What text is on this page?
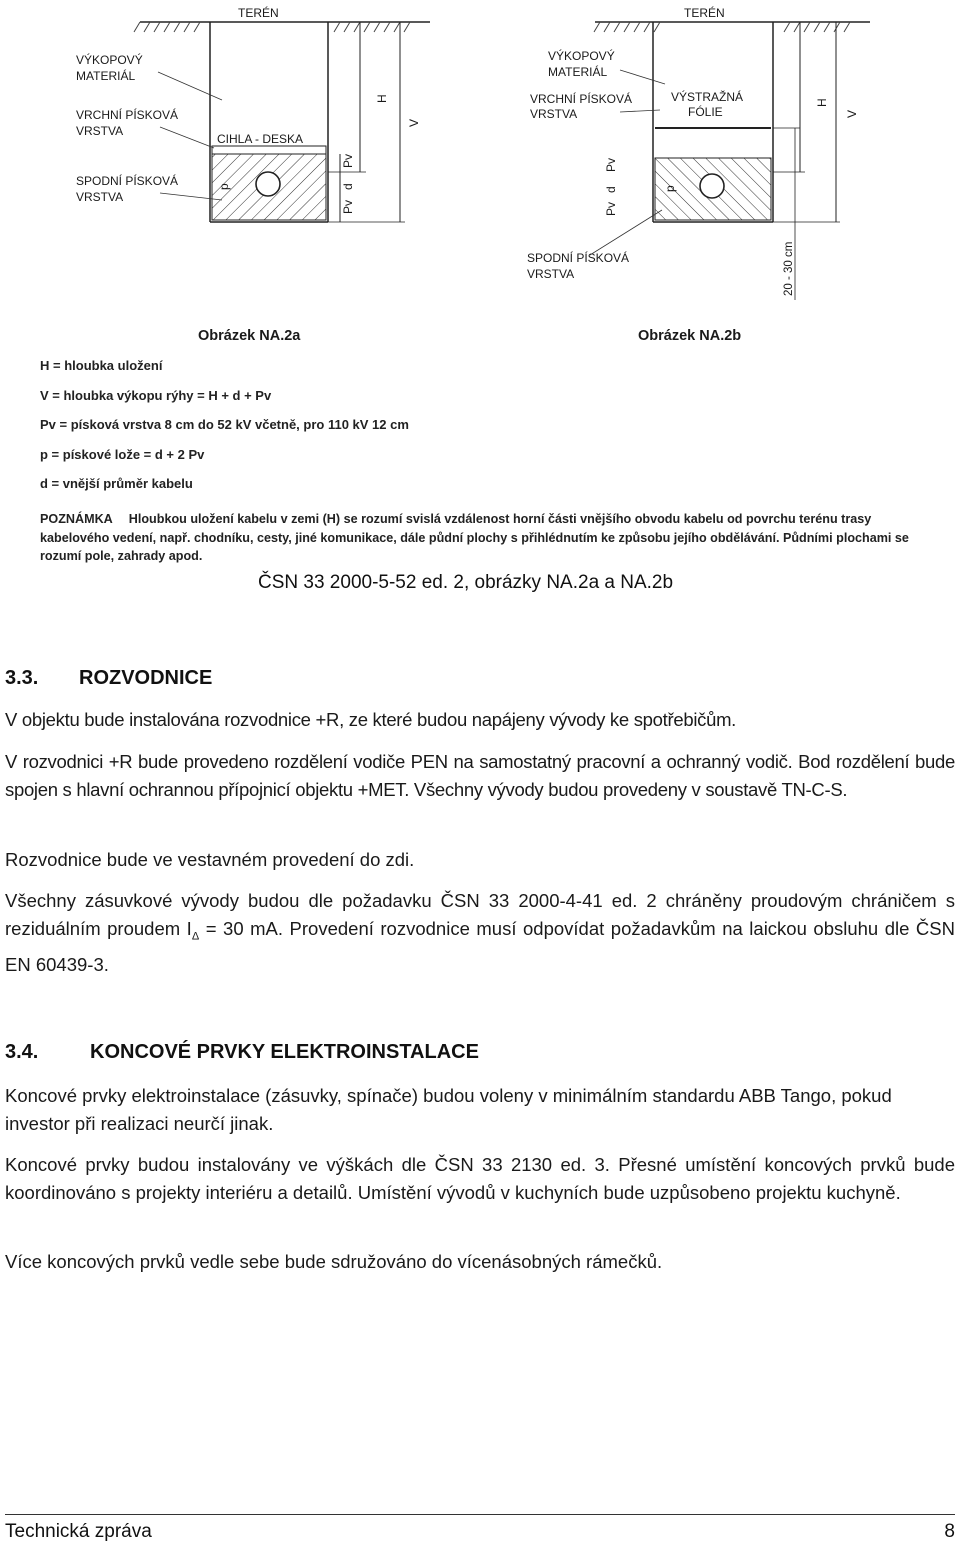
TERÉN
VÝKOPOVÝ
MATERIÁL
VRCHNÍ PÍSKOVÁ
VRSTVA
CIHLA - DESKA
SPODNÍ PÍSKOVÁ
VRSTVA
H
V
Pv
d
Pv
p
Obrázek NA.2a
TERÉN
VÝKOPOVÝ
MATERIÁL
VRCHNÍ PÍSKOVÁ
VRSTVA
VÝSTRAŽNÁ
FÓLIE
SPODNÍ PÍSKOVÁ
VRSTVA
H
V
Pv
d
Pv
p
20 - 30 cm
Obrázek NA.2b
H = hloubka uložení
V = hloubka výkopu rýhy = H + d + Pv
Pv = písková vrstva 8 cm do 52 kV včetně, pro 110 kV 12 cm
p = pískové lože = d + 2 Pv
d = vnější průměr kabelu
POZNÁMKA Hloubkou uložení kabelu v zemi (H) se rozumí svislá vzdálenost horní části vnějšího obvodu kabelu od povrchu terénu trasy kabelového vedení, např. chodníku, cesty, jiné komunikace, dále půdní plochy s přihlédnutím ke způsobu jejího obdělávání. Půdními plochami se rozumí pole, zahrady apod.
ČSN 33 2000-5-52 ed. 2, obrázky NA.2a a NA.2b
3.3. ROZVODNICE
V objektu bude instalována rozvodnice +R, ze které budou napájeny vývody ke spotřebičům.
V rozvodnici +R bude provedeno rozdělení vodiče PEN na samostatný pracovní a ochranný vodič. Bod rozdělení bude spojen s hlavní ochrannou přípojnicí objektu +MET. Všechny vývody budou provedeny v soustavě TN-C-S.
Rozvodnice bude ve vestavném provedení do zdi.
Všechny zásuvkové vývody budou dle požadavku ČSN 33 2000-4-41 ed. 2 chráněny proudovým chráničem s reziduálním proudem $I_\Delta = 30$ mA. Provedení rozvodnice musí odpovídat požadavkům na laickou obsluhu dle ČSN EN 60439-3.
3.4.	KONCOVÉ PRVKY ELEKTROINSTALACE
Koncové prvky elektroinstalace (zásuvky, spínače) budou voleny v minimálním standardu ABB Tango, pokud investor při realizaci neurčí jinak.
Koncové prvky budou instalovány ve výškách dle ČSN 33 2130 ed. 3. Přesné umístění koncových prvků bude koordinováno s projekty interiéru a detailů. Umístění vývodů v kuchyních bude uzpůsobeno projektu kuchyně.
Více koncových prvků vedle sebe bude sdružováno do vícenásobných rámečků.
Technická zpráva	8
